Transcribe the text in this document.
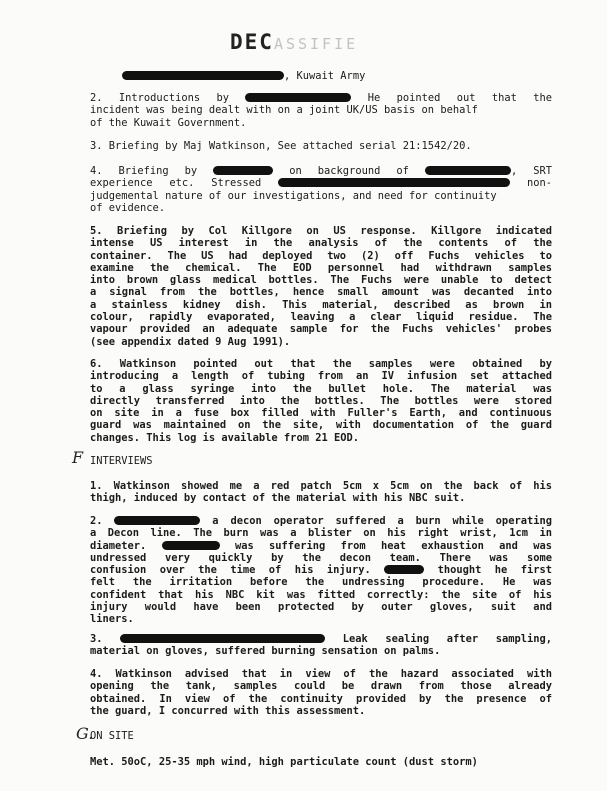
DECASSIFIE
, Kuwait Army
2. Introductions by	He pointed out that the
incident was being dealt with on a joint UK/US basis on behalf
of the Kuwait Government.
3. Briefing by Maj Watkinson, See attached serial 21:1542/20.
4. Briefing by	on background of	, SRT
experience etc. Stressed	non-
judgemental nature of our investigations, and need for continuity
of evidence.
5. Briefing by Col Killgore on US response. Killgore indicated
intense US interest in the analysis of the contents of the
container. The US had deployed two (2) off Fuchs vehicles to
examine the chemical. The EOD personnel had withdrawn samples
into brown glass medical bottles. The Fuchs were unable to detect
a signal from the bottles, hence small amount was decanted into
a stainless kidney dish. This material, described as brown in
colour, rapidly evaporated, leaving a clear liquid residue. The
vapour provided an adequate sample for the Fuchs vehicles' probes
(see appendix dated 9 Aug 1991).
6. Watkinson pointed out that the samples were obtained by
introducing a length of tubing from an IV infusion set attached
to a glass syringe into the bullet hole. The material was
directly transferred into the bottles. The bottles were stored
on site in a fuse box filled with Fuller's Earth, and continuous
guard was maintained on the site, with documentation of the guard
changes. This log is available from 21 EOD.
F INTERVIEWS
1. Watkinson showed me a red patch 5cm x 5cm on the back of his
thigh, induced by contact of the material with his NBC suit.
2.	a decon operator suffered a burn while operating
a Decon line. The burn was a blister on his right wrist, 1cm in
diameter.	was suffering from heat exhaustion and was
undressed very quickly by the decon team. There was some
confusion over the time of his injury.	thought he first
felt the irritation before the undressing procedure. He was
confident that his NBC kit was fitted correctly: the site of his
injury would have been protected by outer gloves, suit and
liners.
3.	Leak sealing after sampling,
material on gloves, suffered burning sensation on palms.
4. Watkinson advised that in view of the hazard associated with
opening the tank, samples could be drawn from those already
obtained. In view of the continuity provided by the presence of
the guard, I concurred with this assessment.
G.
ON SITE
Met. 50oC, 25-35 mph wind, high particulate count (dust storm)
